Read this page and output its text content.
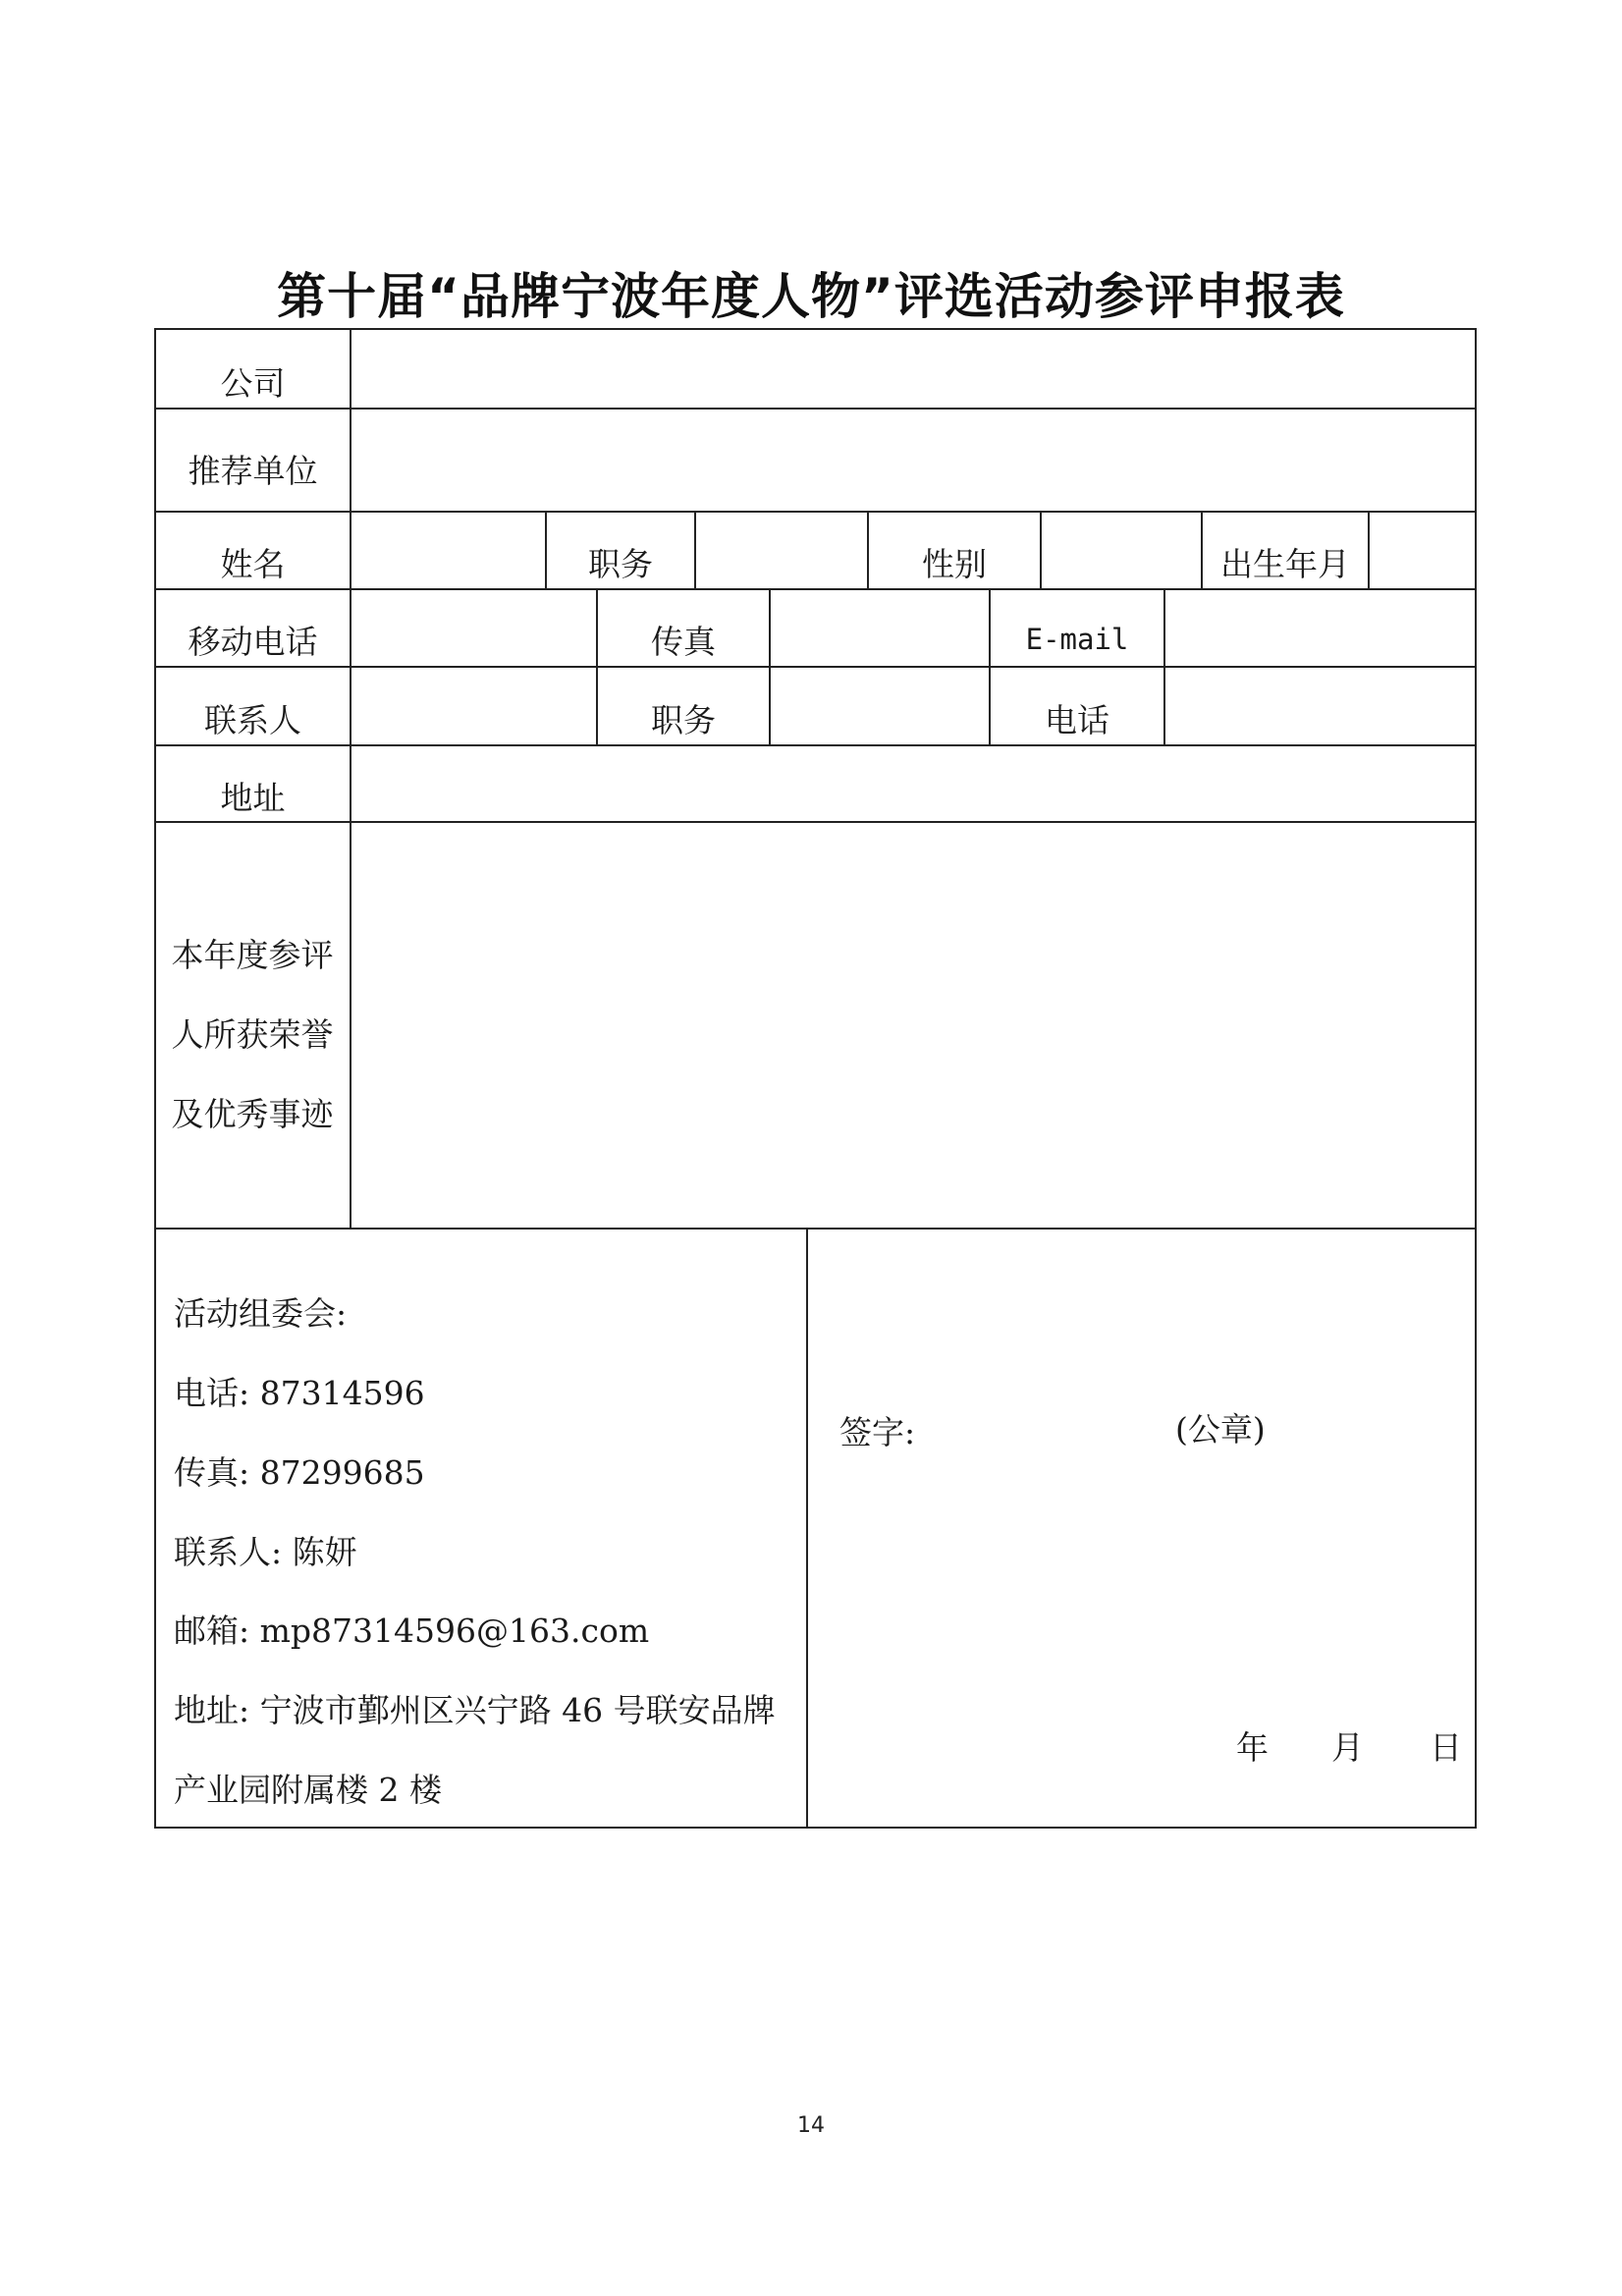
第十届“品牌宁波年度人物”评选活动参评申报表
公司
推荐单位
姓名	职务	性别	出生年月
移动电话	传真	E-mail
联系人	职务	电话
地址
本年度参评
人所获荣誉
及优秀事迹
活动组委会:
电话: 87314596
传真: 87299685
联系人: 陈妍
邮箱: mp87314596@163.com
地址: 宁波市鄞州区兴宁路 46 号联安品牌
产业园附属楼 2 楼
签字:	(公章)
年 月 日
14
